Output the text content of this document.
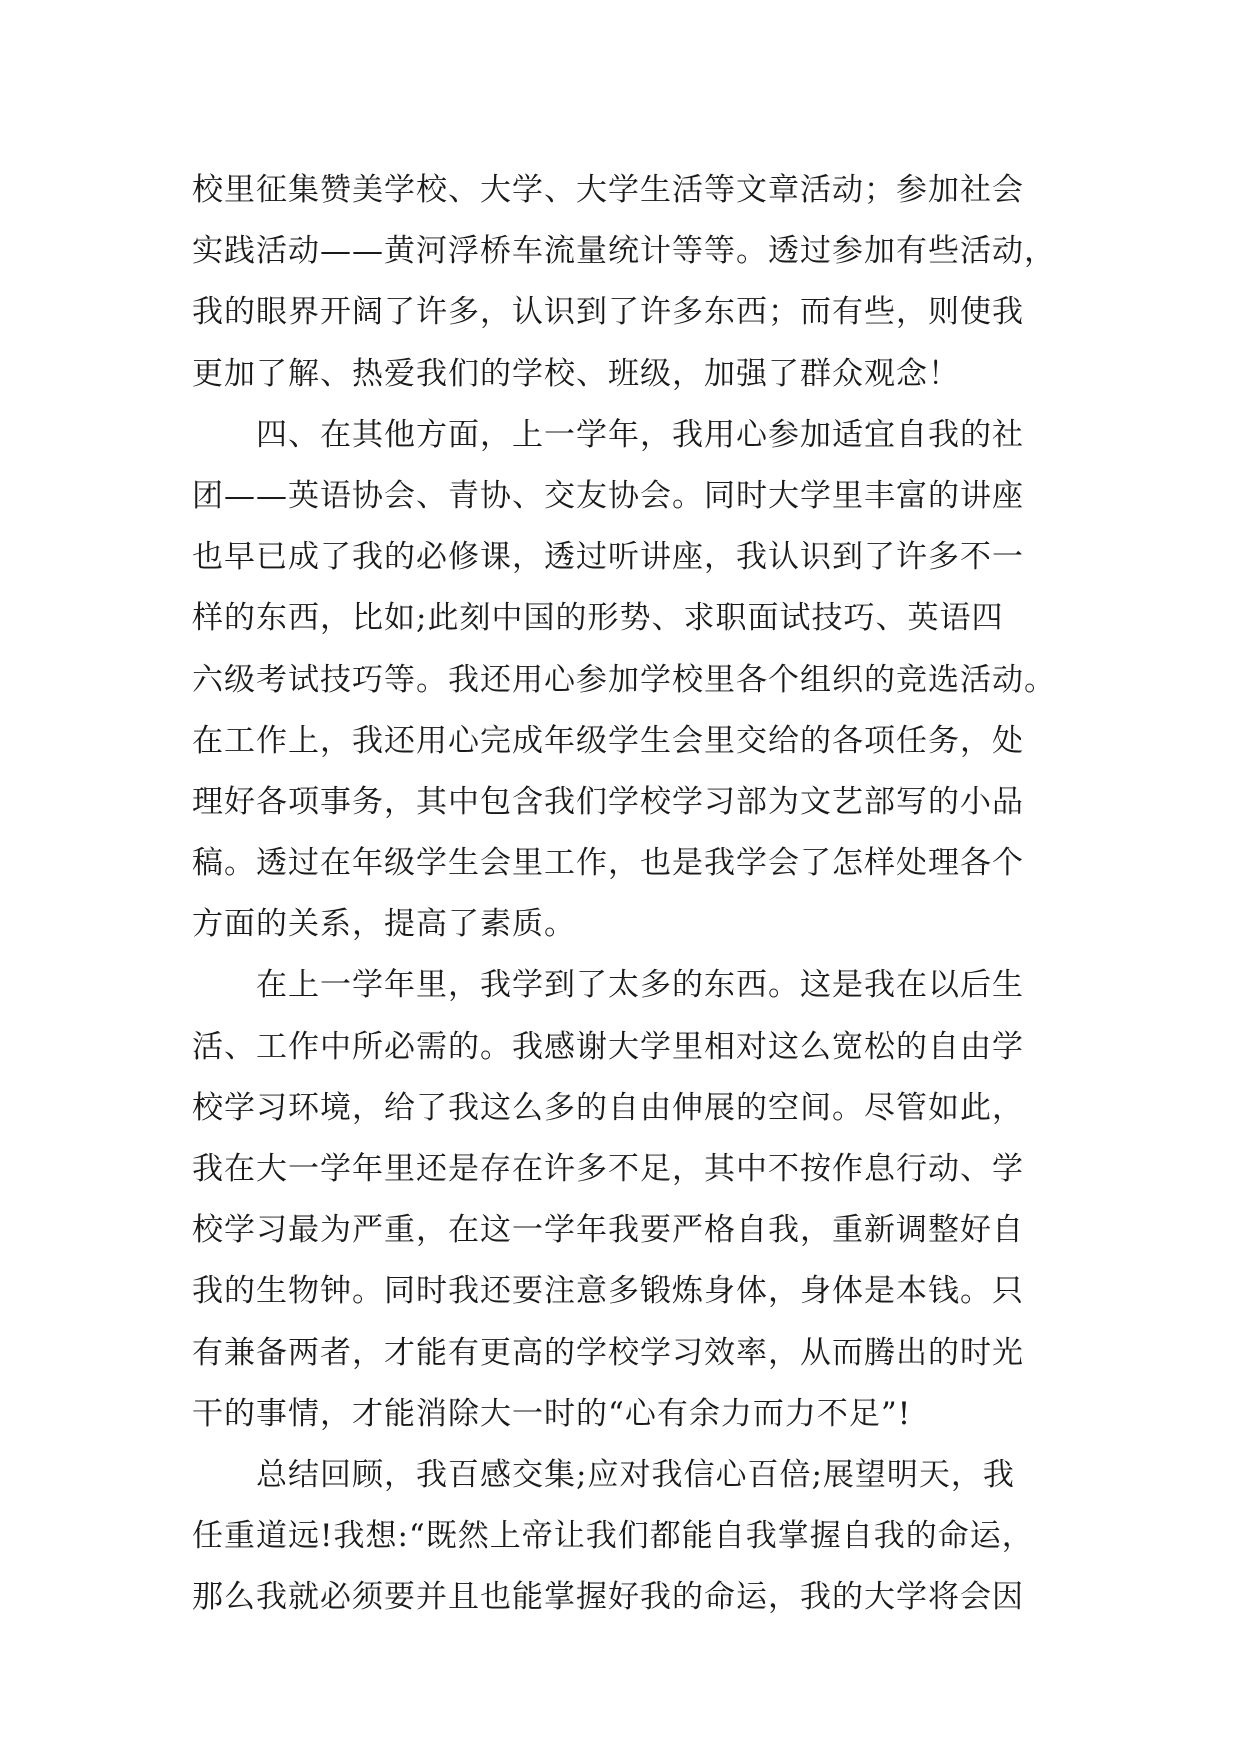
校里征集赞美学校、大学、大学生活等文章活动；参加社会
实践活动——黄河浮桥车流量统计等等。透过参加有些活动，
我的眼界开阔了许多，认识到了许多东西；而有些，则使我
更加了解、热爱我们的学校、班级，加强了群众观念！
　　四、在其他方面，上一学年，我用心参加适宜自我的社
团——英语协会、青协、交友协会。同时大学里丰富的讲座
也早已成了我的必修课，透过听讲座，我认识到了许多不一
样的东西，比如;此刻中国的形势、求职面试技巧、英语四
六级考试技巧等。我还用心参加学校里各个组织的竞选活动。
在工作上，我还用心完成年级学生会里交给的各项任务，处
理好各项事务，其中包含我们学校学习部为文艺部写的小品
稿。透过在年级学生会里工作，也是我学会了怎样处理各个
方面的关系，提高了素质。
　　在上一学年里，我学到了太多的东西。这是我在以后生
活、工作中所必需的。我感谢大学里相对这么宽松的自由学
校学习环境，给了我这么多的自由伸展的空间。尽管如此，
我在大一学年里还是存在许多不足，其中不按作息行动、学
校学习最为严重，在这一学年我要严格自我，重新调整好自
我的生物钟。同时我还要注意多锻炼身体，身体是本钱。只
有兼备两者，才能有更高的学校学习效率，从而腾出的时光
干的事情，才能消除大一时的“心有余力而力不足”!
　　总结回顾，我百感交集;应对我信心百倍;展望明天，我
任重道远!我想:“既然上帝让我们都能自我掌握自我的命运，
那么我就必须要并且也能掌握好我的命运，我的大学将会因
